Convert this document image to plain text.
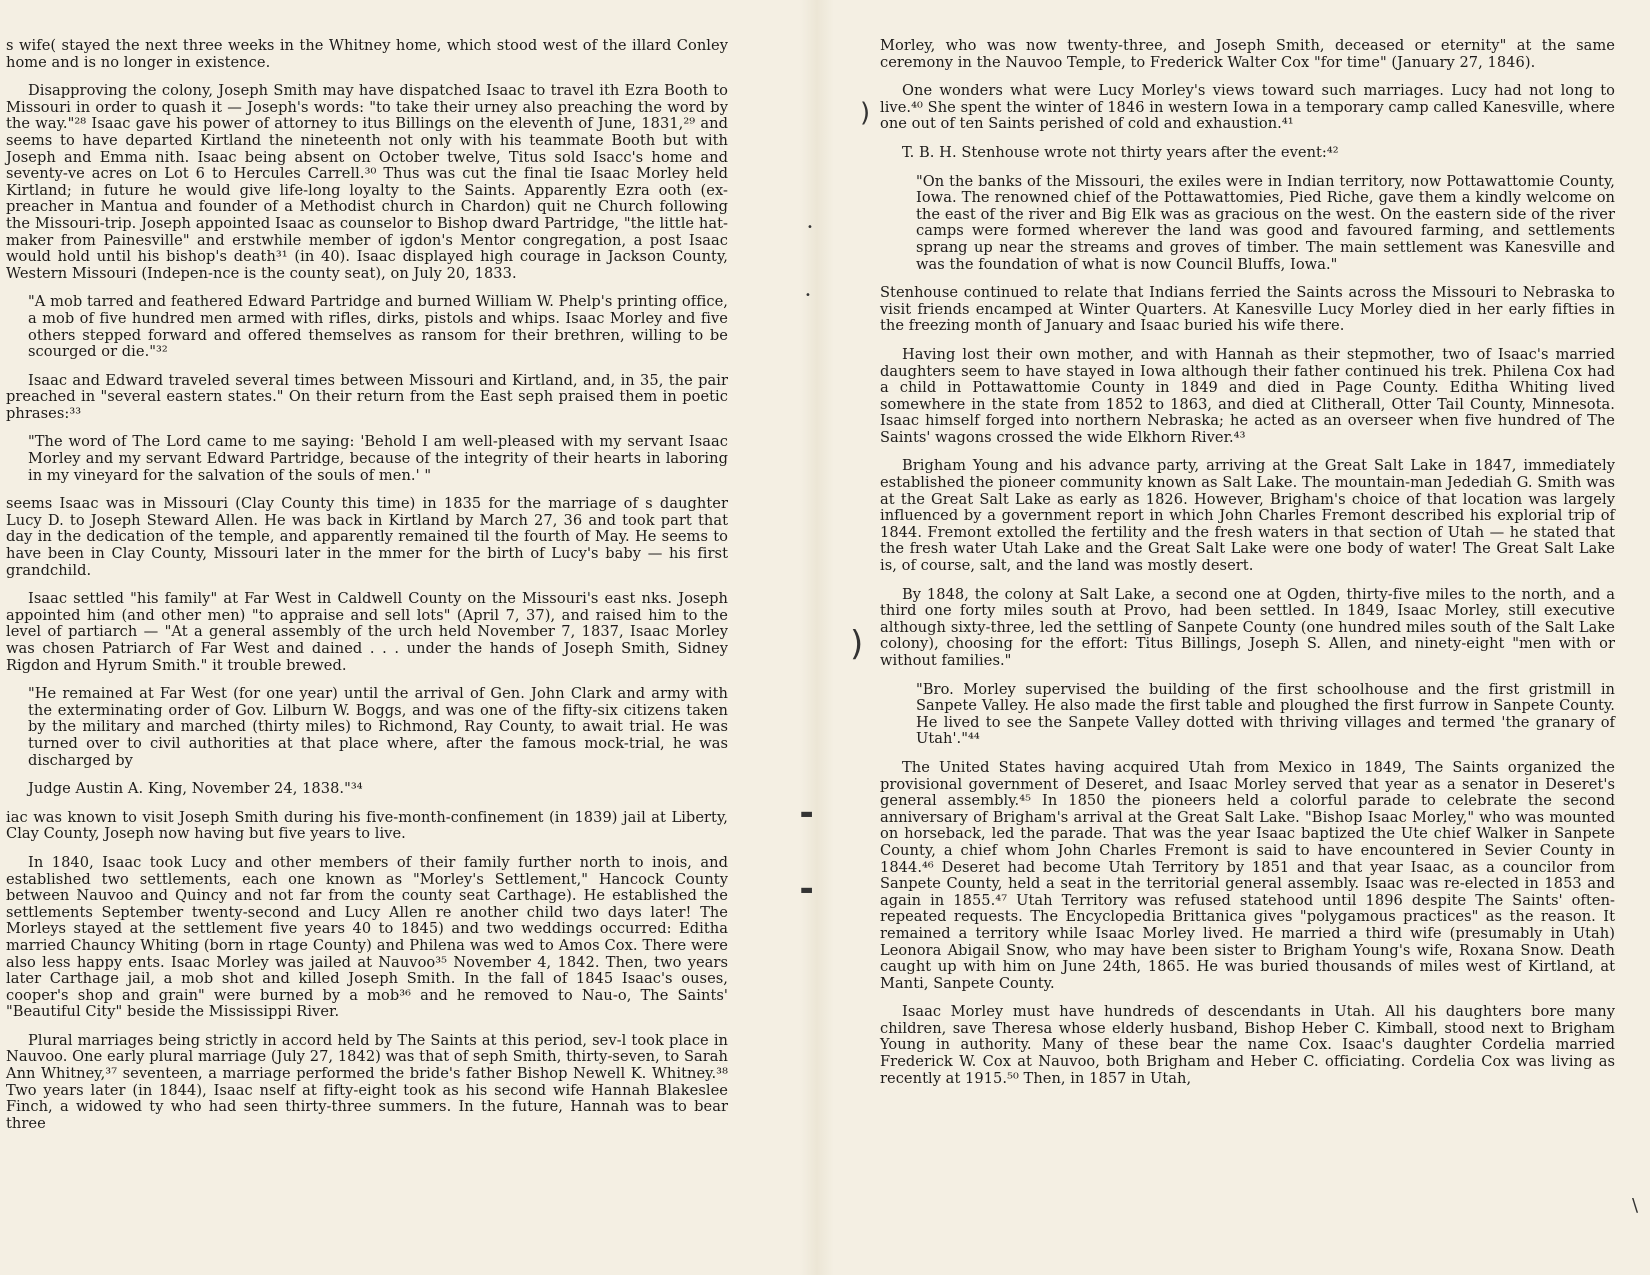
s wife( stayed the next three weeks in the Whitney home, which stood west of the illard Conley home and is no longer in existence.

Disapproving the colony, Joseph Smith may have dispatched Isaac to travel ith Ezra Booth to Missouri in order to quash it — Joseph's words: "to take their urney also preaching the word by the way."²⁸ Isaac gave his power of attorney to itus Billings on the eleventh of June, 1831,²⁹ and seems to have departed Kirtland the nineteenth not only with his teammate Booth but with Joseph and Emma nith. Isaac being absent on October twelve, Titus sold Isacc's home and seventy-ve acres on Lot 6 to Hercules Carrell.³⁰ Thus was cut the final tie Isaac Morley held Kirtland; in future he would give life-long loyalty to the Saints. Apparently Ezra ooth (ex-preacher in Mantua and founder of a Methodist church in Chardon) quit ne Church following the Missouri-trip. Joseph appointed Isaac as counselor to Bishop dward Partridge, "the little hat-maker from Painesville" and erstwhile member of igdon's Mentor congregation, a post Isaac would hold until his bishop's death³¹ (in 40). Isaac displayed high courage in Jackson County, Western Missouri (Indepen-nce is the county seat), on July 20, 1833.

"A mob tarred and feathered Edward Partridge and burned William W. Phelp's printing office, a mob of five hundred men armed with rifles, dirks, pistols and whips. Isaac Morley and five others stepped forward and offered themselves as ransom for their brethren, willing to be scourged or die."³²

Isaac and Edward traveled several times between Missouri and Kirtland, and, in 35, the pair preached in "several eastern states." On their return from the East seph praised them in poetic phrases:³³

"The word of The Lord came to me saying: 'Behold I am well-pleased with my servant Isaac Morley and my servant Edward Partridge, because of the integrity of their hearts in laboring in my vineyard for the salvation of the souls of men.' "

seems Isaac was in Missouri (Clay County this time) in 1835 for the marriage of s daughter Lucy D. to Joseph Steward Allen. He was back in Kirtland by March 27, 36 and took part that day in the dedication of the temple, and apparently remained til the fourth of May. He seems to have been in Clay County, Missouri later in the mmer for the birth of Lucy's baby — his first grandchild.

Isaac settled "his family" at Far West in Caldwell County on the Missouri's east nks. Joseph appointed him (and other men) "to appraise and sell lots" (April 7, 37), and raised him to the level of partiarch — "At a general assembly of the urch held November 7, 1837, Isaac Morley was chosen Patriarch of Far West and dained . . . under the hands of Joseph Smith, Sidney Rigdon and Hyrum Smith." it trouble brewed.

"He remained at Far West (for one year) until the arrival of Gen. John Clark and army with the exterminating order of Gov. Lilburn W. Boggs, and was one of the fifty-six citizens taken by the military and marched (thirty miles) to Richmond, Ray County, to await trial. He was turned over to civil authorities at that place where, after the famous mock-trial, he was discharged by

Judge Austin A. King, November 24, 1838."³⁴

iac was known to visit Joseph Smith during his five-month-confinement (in 1839) jail at Liberty, Clay County, Joseph now having but five years to live.

In 1840, Isaac took Lucy and other members of their family further north to inois, and established two settlements, each one known as "Morley's Settlement," Hancock County between Nauvoo and Quincy and not far from the county seat Carthage). He established the settlements September twenty-second and Lucy Allen re another child two days later! The Morleys stayed at the settlement five years 40 to 1845) and two weddings occurred: Editha married Chauncy Whiting (born in rtage County) and Philena was wed to Amos Cox. There were also less happy ents. Isaac Morley was jailed at Nauvoo³⁵ November 4, 1842. Then, two years later Carthage jail, a mob shot and killed Joseph Smith. In the fall of 1845 Isaac's ouses, cooper's shop and grain" were burned by a mob³⁶ and he removed to Nau-o, The Saints' "Beautiful City" beside the Mississippi River.

Plural marriages being strictly in accord held by The Saints at this period, sev-l took place in Nauvoo. One early plural marriage (July 27, 1842) was that of seph Smith, thirty-seven, to Sarah Ann Whitney,³⁷ seventeen, a marriage performed the bride's father Bishop Newell K. Whitney.³⁸ Two years later (in 1844), Isaac nself at fifty-eight took as his second wife Hannah Blakeslee Finch, a widowed ty who had seen thirty-three summers. In the future, Hannah was to bear three

Morley, who was now twenty-three, and Joseph Smith, deceased or eternity" at the same ceremony in the Nauvoo Temple, to Frederick Walter Cox "for time" (January 27, 1846).

One wonders what were Lucy Morley's views toward such marriages. Lucy had not long to live.⁴⁰ She spent the winter of 1846 in western Iowa in a temporary camp called Kanesville, where one out of ten Saints perished of cold and exhaustion.⁴¹

T. B. H. Stenhouse wrote not thirty years after the event:⁴²

"On the banks of the Missouri, the exiles were in Indian territory, now Pottawattomie County, Iowa. The renowned chief of the Pottawattomies, Pied Riche, gave them a kindly welcome on the east of the river and Big Elk was as gracious on the west. On the eastern side of the river camps were formed wherever the land was good and favoured farming, and settlements sprang up near the streams and groves of timber. The main settlement was Kanesville and was the foundation of what is now Council Bluffs, Iowa."

Stenhouse continued to relate that Indians ferried the Saints across the Missouri to Nebraska to visit friends encamped at Winter Quarters. At Kanesville Lucy Morley died in her early fifties in the freezing month of January and Isaac buried his wife there.

Having lost their own mother, and with Hannah as their stepmother, two of Isaac's married daughters seem to have stayed in Iowa although their father continued his trek. Philena Cox had a child in Pottawattomie County in 1849 and died in Page County. Editha Whiting lived somewhere in the state from 1852 to 1863, and died at Clitherall, Otter Tail County, Minnesota. Isaac himself forged into northern Nebraska; he acted as an overseer when five hundred of The Saints' wagons crossed the wide Elkhorn River.⁴³

Brigham Young and his advance party, arriving at the Great Salt Lake in 1847, immediately established the pioneer community known as Salt Lake. The mountain-man Jedediah G. Smith was at the Great Salt Lake as early as 1826. However, Brigham's choice of that location was largely influenced by a government report in which John Charles Fremont described his explorial trip of 1844. Fremont extolled the fertility and the fresh waters in that section of Utah — he stated that the fresh water Utah Lake and the Great Salt Lake were one body of water! The Great Salt Lake is, of course, salt, and the land was mostly desert.

By 1848, the colony at Salt Lake, a second one at Ogden, thirty-five miles to the north, and a third one forty miles south at Provo, had been settled. In 1849, Isaac Morley, still executive although sixty-three, led the settling of Sanpete County (one hundred miles south of the Salt Lake colony), choosing for the effort: Titus Billings, Joseph S. Allen, and ninety-eight "men with or without families."

"Bro. Morley supervised the building of the first schoolhouse and the first gristmill in Sanpete Valley. He also made the first table and ploughed the first furrow in Sanpete County. He lived to see the Sanpete Valley dotted with thriving villages and termed 'the granary of Utah'."⁴⁴

The United States having acquired Utah from Mexico in 1849, The Saints organized the provisional government of Deseret, and Isaac Morley served that year as a senator in Deseret's general assembly.⁴⁵ In 1850 the pioneers held a colorful parade to celebrate the second anniversary of Brigham's arrival at the Great Salt Lake. "Bishop Isaac Morley," who was mounted on horseback, led the parade. That was the year Isaac baptized the Ute chief Walker in Sanpete County, a chief whom John Charles Fremont is said to have encountered in Sevier County in 1844.⁴⁶ Deseret had become Utah Territory by 1851 and that year Isaac, as a councilor from Sanpete County, held a seat in the territorial general assembly. Isaac was re-elected in 1853 and again in 1855.⁴⁷ Utah Territory was refused statehood until 1896 despite The Saints' often-repeated requests. The Encyclopedia Brittanica gives "polygamous practices" as the reason. It remained a territory while Isaac Morley lived. He married a third wife (presumably in Utah) Leonora Abigail Snow, who may have been sister to Brigham Young's wife, Roxana Snow. Death caught up with him on June 24th, 1865. He was buried thousands of miles west of Kirtland, at Manti, Sanpete County.

Isaac Morley must have hundreds of descendants in Utah. All his daughters bore many children, save Theresa whose elderly husband, Bishop Heber C. Kimball, stood next to Brigham Young in authority. Many of these bear the name Cox. Isaac's daughter Cordelia married Frederick W. Cox at Nauvoo, both Brigham and Heber C. officiating. Cordelia Cox was living as recently at 1915.⁵⁰ Then, in 1857 in Utah,

)
•
•
)
▬
▬
\
